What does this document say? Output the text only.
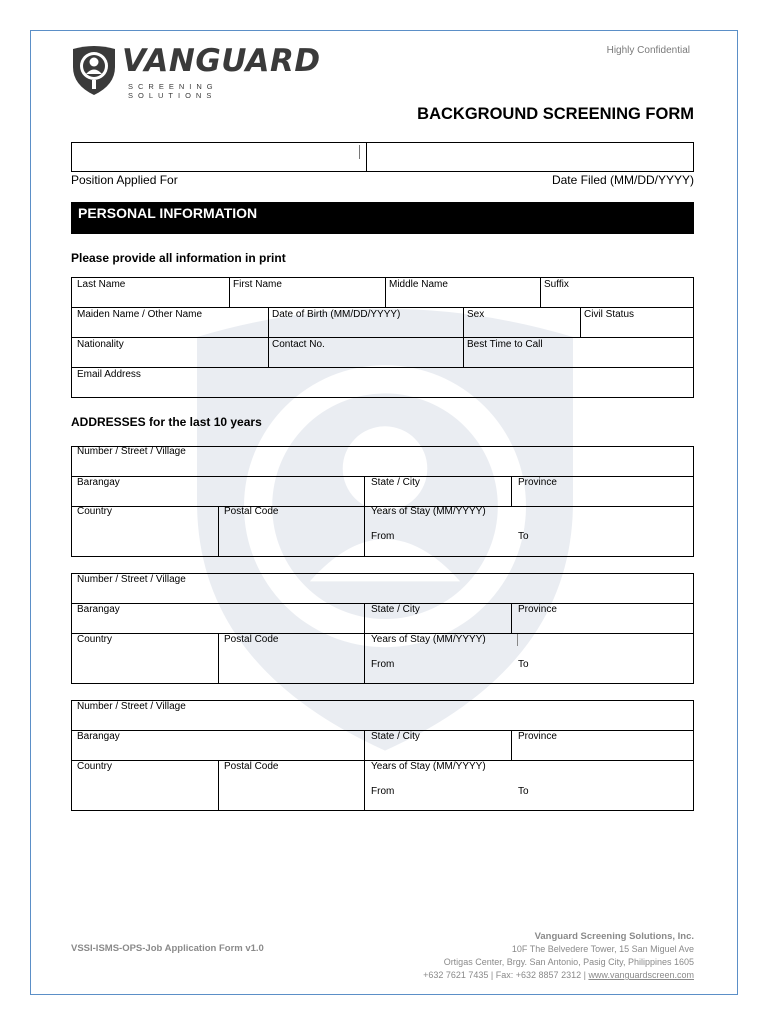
VANGUARD
SCREENING SOLUTIONS
Highly Confidential
BACKGROUND SCREENING FORM
Position Applied For	Date Filed (MM/DD/YYYY)
PERSONAL INFORMATION
Please provide all information in print
Last Name	First Name	Middle Name	Suffix
Maiden Name / Other Name	Date of Birth (MM/DD/YYYY)	Sex	Civil Status
Nationality	Contact No.	Best Time to Call
Email Address
ADDRESSES for the last 10 years
Number / Street / Village
Barangay	State / City	Province
Country	Postal Code	Years of Stay (MM/YYYY)
From	To
Number / Street / Village
Barangay	State / City	Province
Country	Postal Code	Years of Stay (MM/YYYY)
From	To
Number / Street / Village
Barangay	State / City	Province
Country	Postal Code	Years of Stay (MM/YYYY)
From	To
VSSI-ISMS-OPS-Job Application Form v1.0
Vanguard Screening Solutions, Inc.
10F The Belvedere Tower, 15 San Miguel Ave
Ortigas Center, Brgy. San Antonio, Pasig City, Philippines 1605
+632 7621 7435 | Fax: +632 8857 2312 | www.vanguardscreen.com
